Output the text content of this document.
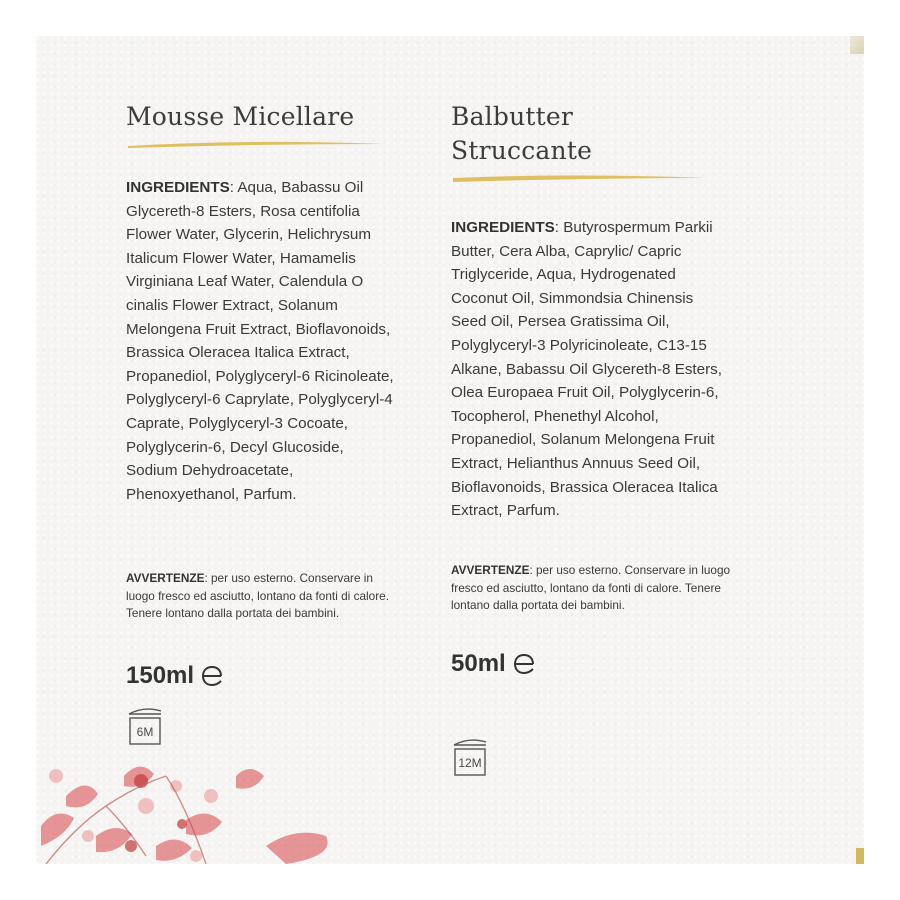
Mousse Micellare

INGREDIENTS: Aqua, Babassu Oil Glycereth-8 Esters, Rosa centifolia Flower Water, Glycerin, Helichrysum Italicum Flower Water, Hamamelis Virginiana Leaf Water, Calendula O cinalis Flower Extract, Solanum Melongena Fruit Extract, Bioflavonoids, Brassica Oleracea Italica Extract, Propanediol, Polyglyceryl-6 Ricinoleate, Polyglyceryl-6 Caprylate, Polyglyceryl-4 Caprate, Polyglyceryl-3 Cocoate, Polyglycerin-6, Decyl Glucoside, Sodium Dehydroacetate, Phenoxyethanol, Parfum.

AVVERTENZE: per uso esterno. Conservare in luogo fresco ed asciutto, lontano da fonti di calore. Tenere lontano dalla portata dei bambini.

150ml
6M
Balbutter
Struccante

INGREDIENTS: Butyrospermum Parkii Butter, Cera Alba, Caprylic/ Capric Triglyceride, Aqua, Hydrogenated Coconut Oil, Simmondsia Chinensis Seed Oil, Persea Gratissima Oil, Polyglyceryl-3 Polyricinoleate, C13-15 Alkane, Babassu Oil Glycereth-8 Esters, Olea Europaea Fruit Oil, Polyglycerin-6, Tocopherol, Phenethyl Alcohol, Propanediol, Solanum Melongena Fruit Extract, Helianthus Annuus Seed Oil, Bioflavonoids, Brassica Oleracea Italica Extract, Parfum.

AVVERTENZE: per uso esterno. Conservare in luogo fresco ed asciutto, lontano da fonti di calore. Tenere lontano dalla portata dei bambini.

50ml
12M
